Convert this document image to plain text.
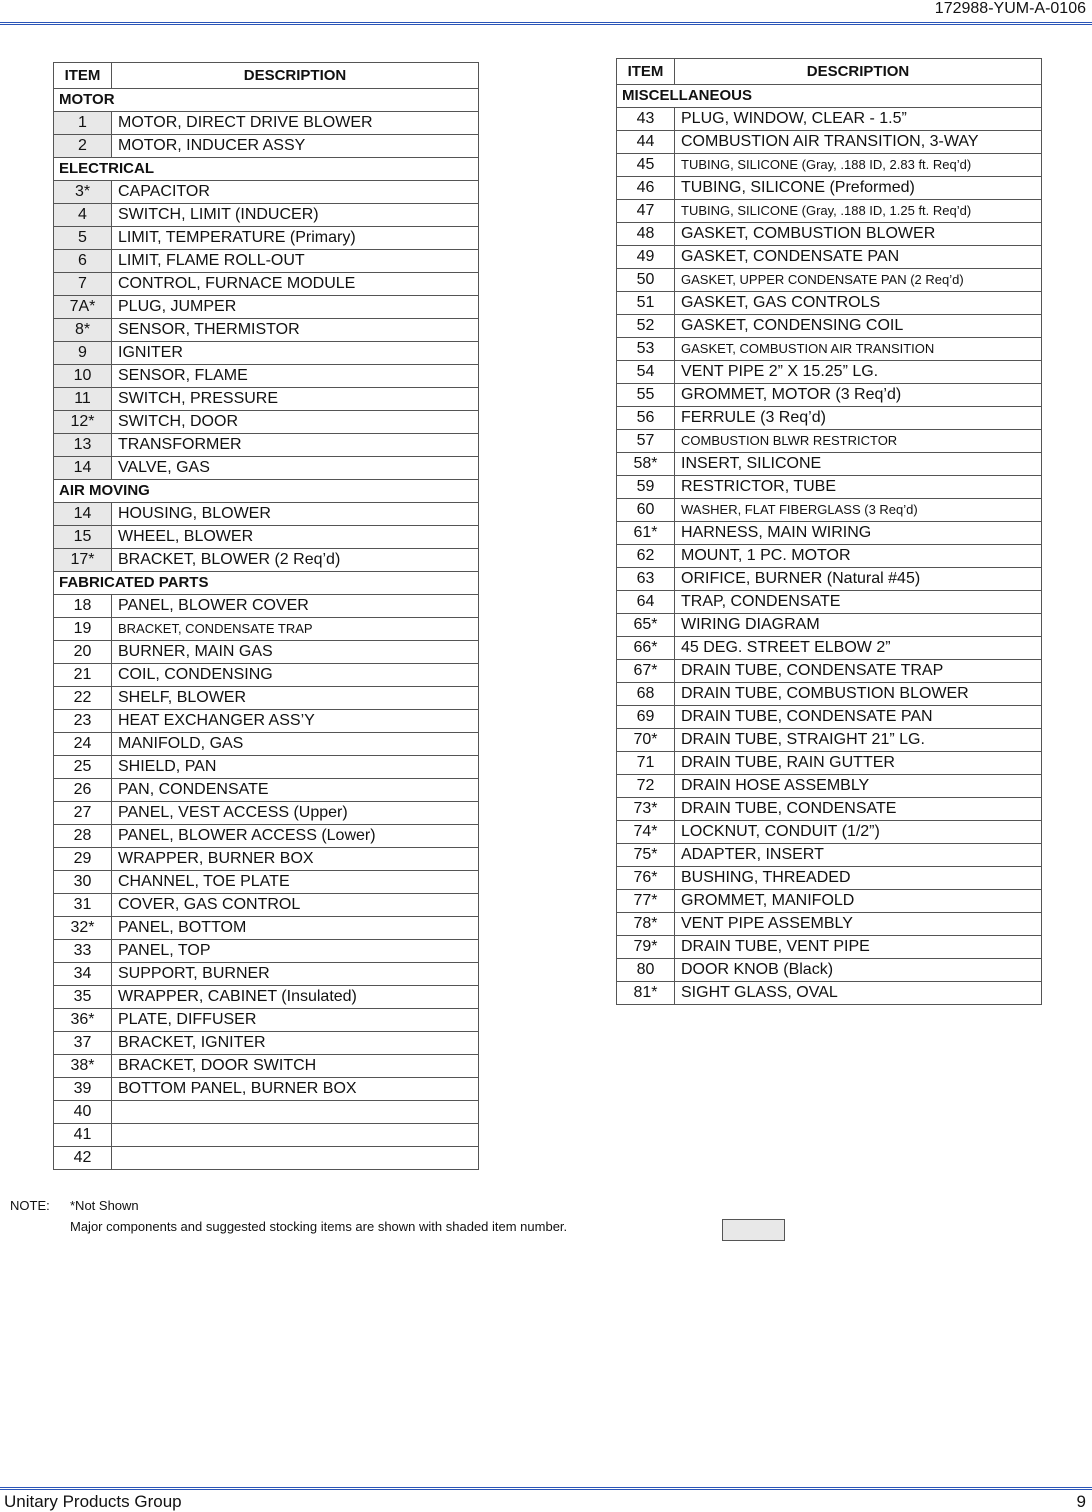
172988-YUM-A-0106
ITEM	DESCRIPTION
MOTOR	
1	MOTOR, DIRECT DRIVE BLOWER
2	MOTOR, INDUCER ASSY
ELECTRICAL	
3*	CAPACITOR
4	SWITCH, LIMIT (INDUCER)
5	LIMIT, TEMPERATURE (Primary)
6	LIMIT, FLAME ROLL-OUT
7	CONTROL, FURNACE MODULE
7A*	PLUG, JUMPER
8*	SENSOR, THERMISTOR
9	IGNITER
10	SENSOR, FLAME
11	SWITCH, PRESSURE
12*	SWITCH, DOOR
13	TRANSFORMER
14	VALVE, GAS
AIR MOVING	
14	HOUSING, BLOWER
15	WHEEL, BLOWER
17*	BRACKET, BLOWER (2 Req’d)
FABRICATED PARTS	
18	PANEL, BLOWER COVER
19	BRACKET, CONDENSATE TRAP
20	BURNER, MAIN GAS
21	COIL, CONDENSING
22	SHELF, BLOWER
23	HEAT EXCHANGER ASS’Y
24	MANIFOLD, GAS
25	SHIELD, PAN
26	PAN, CONDENSATE
27	PANEL, VEST ACCESS (Upper)
28	PANEL, BLOWER ACCESS (Lower)
29	WRAPPER, BURNER BOX
30	CHANNEL, TOE PLATE
31	COVER, GAS CONTROL
32*	PANEL, BOTTOM
33	PANEL, TOP
34	SUPPORT, BURNER
35	WRAPPER, CABINET (Insulated)
36*	PLATE, DIFFUSER
37	BRACKET, IGNITER
38*	BRACKET, DOOR SWITCH
39	BOTTOM PANEL, BURNER BOX
40	
41	
42	
ITEM	DESCRIPTION
MISCELLANEOUS	
43	PLUG, WINDOW, CLEAR - 1.5”
44	COMBUSTION AIR TRANSITION, 3-WAY
45	TUBING, SILICONE (Gray, .188 ID, 2.83 ft. Req’d)
46	TUBING, SILICONE (Preformed)
47	TUBING, SILICONE (Gray, .188 ID, 1.25 ft. Req’d)
48	GASKET, COMBUSTION BLOWER
49	GASKET, CONDENSATE PAN
50	GASKET, UPPER CONDENSATE PAN (2 Req’d)
51	GASKET, GAS CONTROLS
52	GASKET, CONDENSING COIL
53	GASKET, COMBUSTION AIR TRANSITION
54	VENT PIPE 2” X 15.25” LG.
55	GROMMET, MOTOR (3 Req’d)
56	FERRULE (3 Req’d)
57	COMBUSTION BLWR RESTRICTOR
58*	INSERT, SILICONE
59	RESTRICTOR, TUBE
60	WASHER, FLAT FIBERGLASS (3 Req’d)
61*	HARNESS, MAIN WIRING
62	MOUNT, 1 PC. MOTOR
63	ORIFICE, BURNER (Natural #45)
64	TRAP, CONDENSATE
65*	WIRING DIAGRAM
66*	45 DEG. STREET ELBOW 2”
67*	DRAIN TUBE, CONDENSATE TRAP
68	DRAIN TUBE, COMBUSTION BLOWER
69	DRAIN TUBE, CONDENSATE PAN
70*	DRAIN TUBE, STRAIGHT 21” LG.
71	DRAIN TUBE, RAIN GUTTER
72	DRAIN HOSE ASSEMBLY
73*	DRAIN TUBE, CONDENSATE
74*	LOCKNUT, CONDUIT (1/2”)
75*	ADAPTER, INSERT
76*	BUSHING, THREADED
77*	GROMMET, MANIFOLD
78*	VENT PIPE ASSEMBLY
79*	DRAIN TUBE, VENT PIPE
80	DOOR KNOB (Black)
81*	SIGHT GLASS, OVAL
NOTE: *Not Shown
Major components and suggested stocking items are shown with shaded item number.
Unitary Products Group	9
